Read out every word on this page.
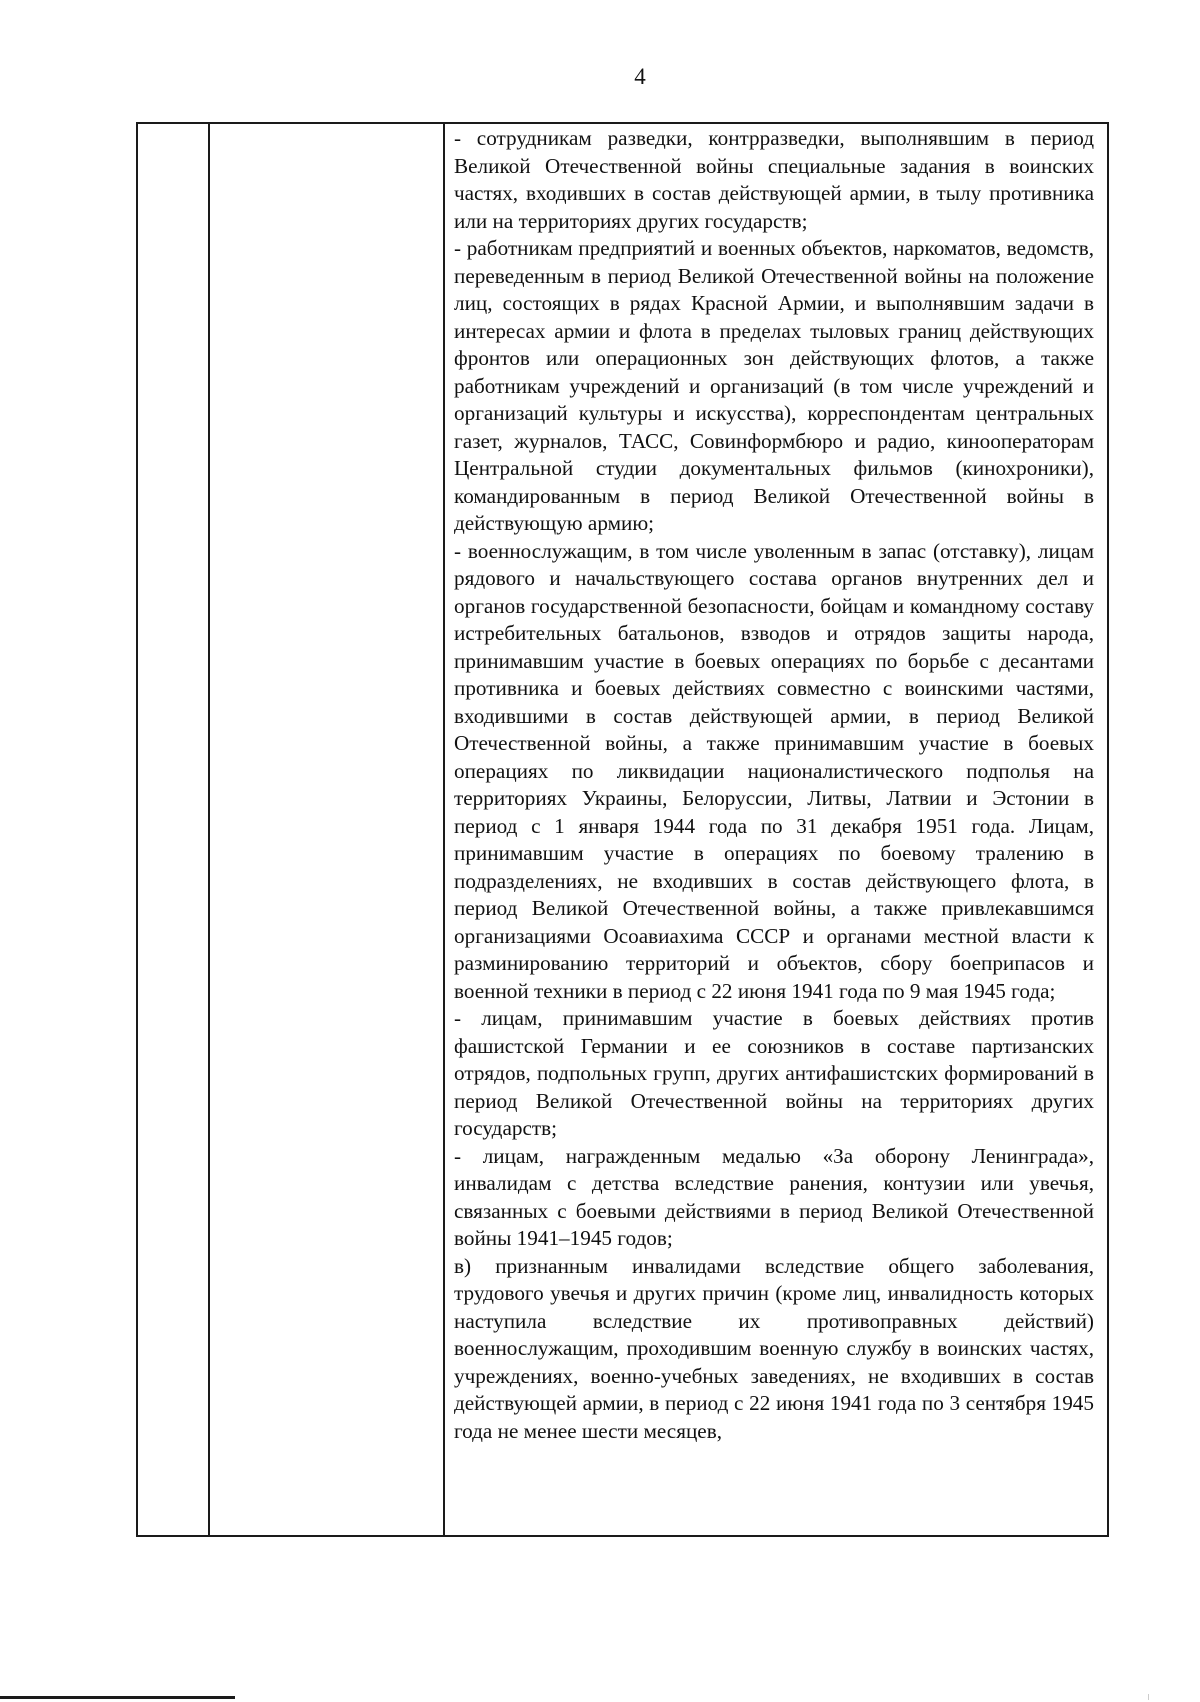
4

- сотрудникам разведки, контрразведки, выполнявшим в период Великой Отечественной войны специальные задания в воинских частях, входивших в состав действующей армии, в тылу противника или на территориях других государств;

- работникам предприятий и военных объектов, наркоматов, ведомств, переведенным в период Великой Отечественной войны на положение лиц, состоящих в рядах Красной Армии, и выполнявшим задачи в интересах армии и флота в пределах тыловых границ действующих фронтов или операционных зон действующих флотов, а также работникам учреждений и организаций (в том числе учреждений и организаций культуры и искусства), корреспондентам центральных газет, журналов, ТАСС, Совинформбюро и радио, кинооператорам Центральной студии документальных фильмов (кинохроники), командированным в период Великой Отечественной войны в действующую армию;

- военнослужащим, в том числе уволенным в запас (отставку), лицам рядового и начальствующего состава органов внутренних дел и органов государственной безопасности, бойцам и командному составу истребительных батальонов, взводов и отрядов защиты народа, принимавшим участие в боевых операциях по борьбе с десантами противника и боевых действиях совместно с воинскими частями, входившими в состав действующей армии, в период Великой Отечественной войны, а также принимавшим участие в боевых операциях по ликвидации националистического подполья на территориях Украины, Белоруссии, Литвы, Латвии и Эстонии в период с 1 января 1944 года по 31 декабря 1951 года. Лицам, принимавшим участие в операциях по боевому тралению в подразделениях, не входивших в состав действующего флота, в период Великой Отечественной войны, а также привлекавшимся организациями Осоавиахима СССР и органами местной власти к разминированию территорий и объектов, сбору боеприпасов и военной техники в период с 22 июня 1941 года по 9 мая 1945 года;

- лицам, принимавшим участие в боевых действиях против фашистской Германии и ее союзников в составе партизанских отрядов, подпольных групп, других антифашистских формирований в период Великой Отечественной войны на территориях других государств;

- лицам, награжденным медалью «За оборону Ленинграда», инвалидам с детства вследствие ранения, контузии или увечья, связанных с боевыми действиями в период Великой Отечественной войны 1941–1945 годов;

в) признанным инвалидами вследствие общего заболевания, трудового увечья и других причин (кроме лиц, инвалидность которых наступила вследствие их противоправных действий) военнослужащим, проходившим военную службу в воинских частях, учреждениях, военно-учебных заведениях, не входивших в состав действующей армии, в период с 22 июня 1941 года по 3 сентября 1945 года не менее шести месяцев,
